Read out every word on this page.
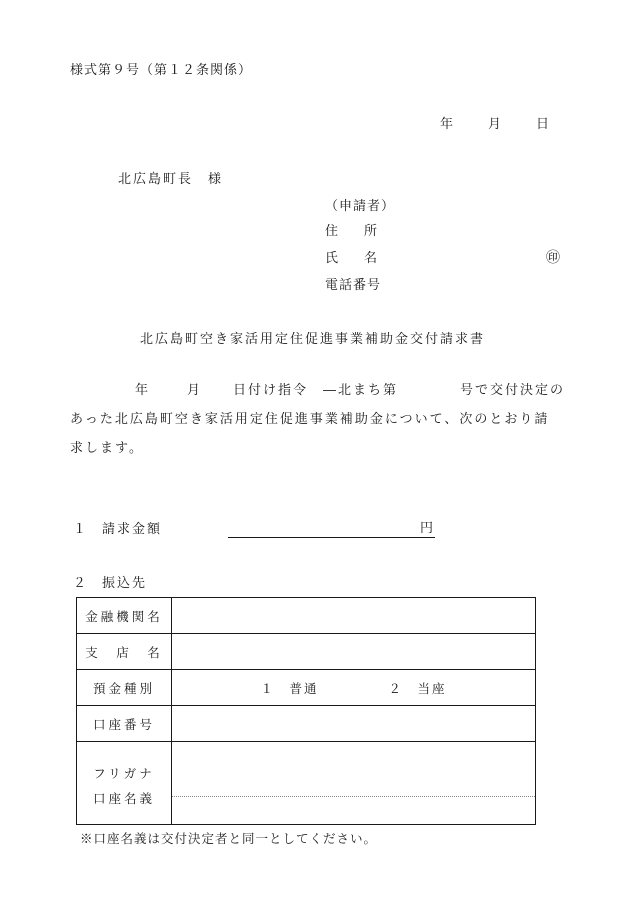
様式第９号（第１２条関係）
年	月	日
北広島町長　様
（申請者）
住　　所
氏　　名	㊞
電話番号
北広島町空き家活用定住促進事業補助金交付請求書
年	月	日付け指令　―北まち第	号で交付決定の
あった北広島町空き家活用定住促進事業補助金について、次のとおり請
求します。
１ 請求金額	円
２ 振込先
金融機関名	
支　店　名	
預金種別	１　普通 ２　当座

口座番号	

フリガナ
口座名義	

※口座名義は交付決定者と同一としてください。
